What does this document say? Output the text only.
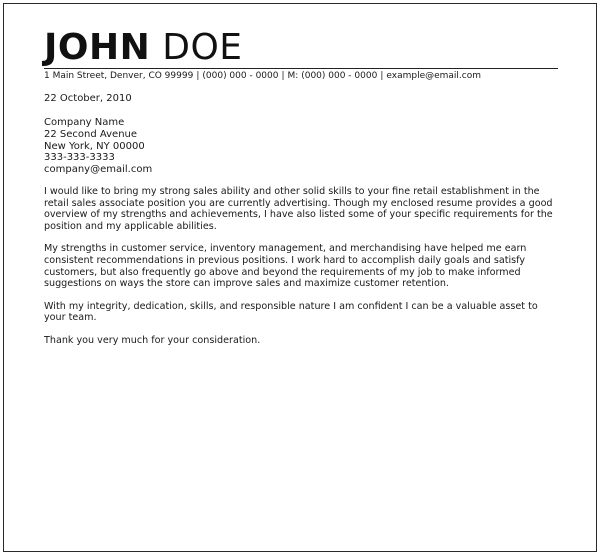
JOHN DOE
1 Main Street, Denver, CO 99999 | (000) 000 - 0000 | M: (000) 000 - 0000 | example@email.com
22 October, 2010
Company Name
22 Second Avenue
New York, NY 00000
333-333-3333
company@email.com

I would like to bring my strong sales ability and other solid skills to your fine retail establishment in the retail sales associate position you are currently advertising. Though my enclosed resume provides a good overview of my strengths and achievements, I have also listed some of your specific requirements for the position and my applicable abilities.

My strengths in customer service, inventory management, and merchandising have helped me earn consistent recommendations in previous positions. I work hard to accomplish daily goals and satisfy customers, but also frequently go above and beyond the requirements of my job to make informed suggestions on ways the store can improve sales and maximize customer retention.

With my integrity, dedication, skills, and responsible nature I am confident I can be a valuable asset to your team.

Thank you very much for your consideration.
